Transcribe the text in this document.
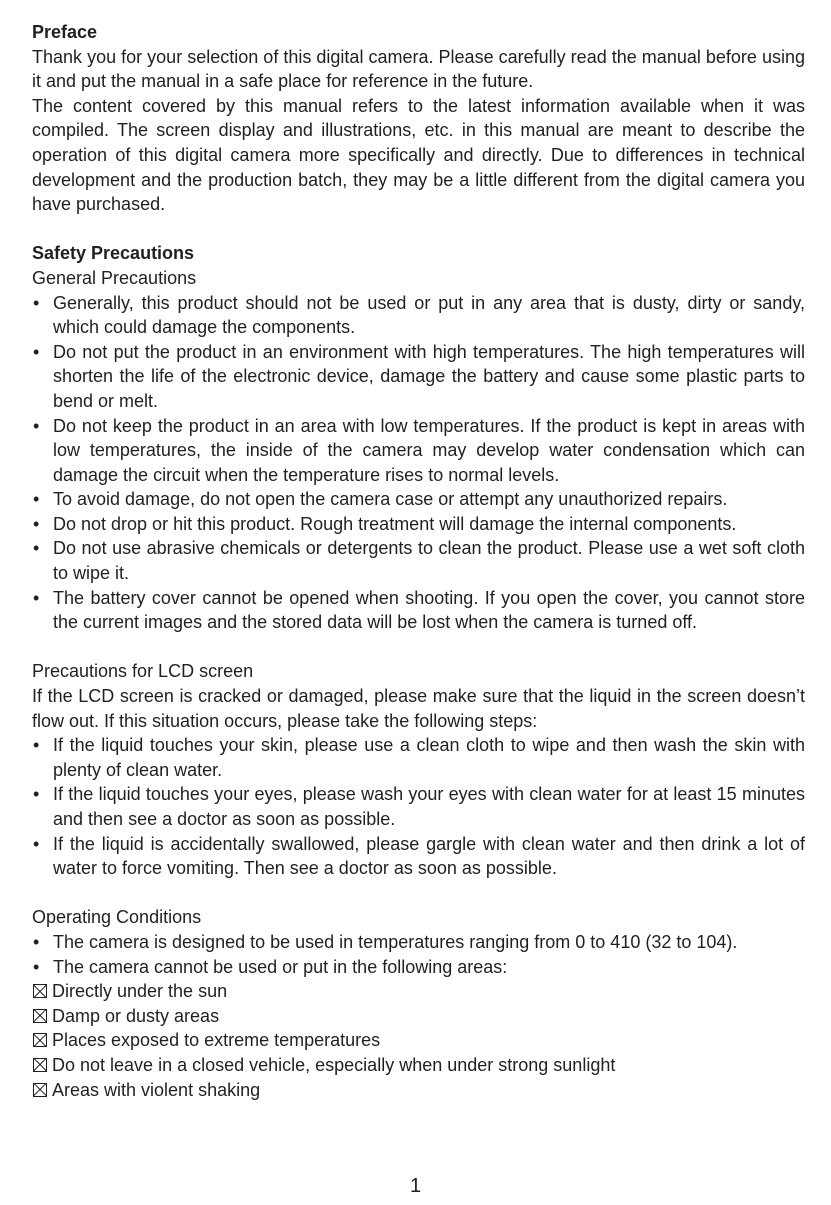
Preface

Thank you for your selection of this digital camera. Please carefully read the manual before using it and put the manual in a safe place for reference in the future.

The content covered by this manual refers to the latest information available when it was compiled. The screen display and illustrations, etc. in this manual are meant to describe the operation of this digital camera more specifically and directly. Due to differences in technical development and the production batch, they may be a little different from the digital camera you have purchased.

Safety Precautions
General Precautions
• Generally, this product should not be used or put in any area that is dusty, dirty or sandy, which could damage the components.
• Do not put the product in an environment with high temperatures. The high temperatures will shorten the life of the electronic device, damage the battery and cause some plastic parts to bend or melt.
• Do not keep the product in an area with low temperatures. If the product is kept in areas with low temperatures, the inside of the camera may develop water condensation which can damage the circuit when the temperature rises to normal levels.
• To avoid damage, do not open the camera case or attempt any unauthorized repairs.
• Do not drop or hit this product. Rough treatment will damage the internal components.
• Do not use abrasive chemicals or detergents to clean the product. Please use a wet soft cloth to wipe it.
• The battery cover cannot be opened when shooting. If you open the cover, you cannot store the current images and the stored data will be lost when the camera is turned off.
Precautions for LCD screen

If the LCD screen is cracked or damaged, please make sure that the liquid in the screen doesn’t flow out. If this situation occurs, please take the following steps:

• If the liquid touches your skin, please use a clean cloth to wipe and then wash the skin with plenty of clean water.
• If the liquid touches your eyes, please wash your eyes with clean water for at least 15 minutes and then see a doctor as soon as possible.
• If the liquid is accidentally swallowed, please gargle with clean water and then drink a lot of water to force vomiting. Then see a doctor as soon as possible.
Operating Conditions
• The camera is designed to be used in temperatures ranging from 0 to 410 (32 to 104).
• The camera cannot be used or put in the following areas:
Directly under the sun
Damp or dusty areas
Places exposed to extreme temperatures
Do not leave in a closed vehicle, especially when under strong sunlight
Areas with violent shaking
1
